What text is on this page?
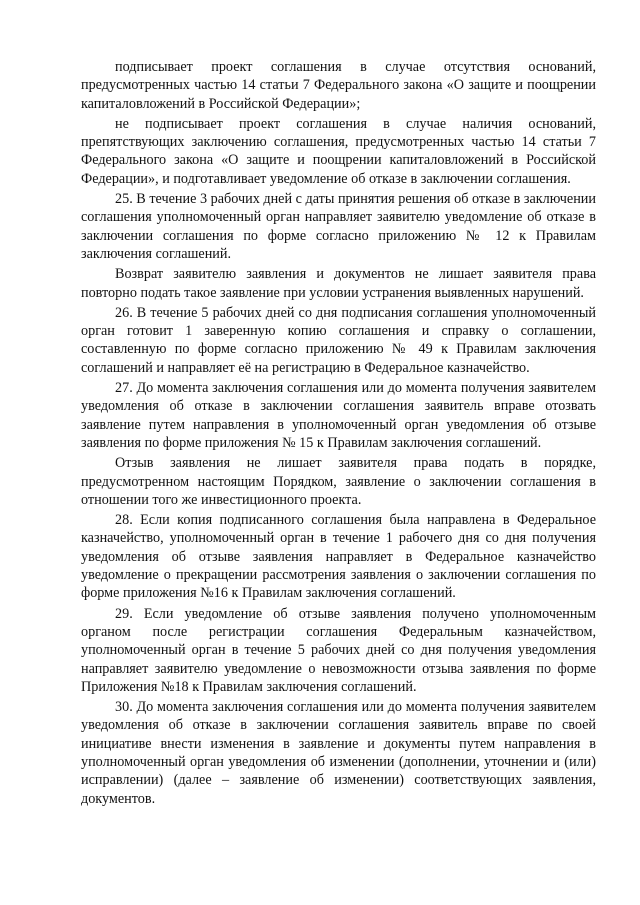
подписывает проект соглашения в случае отсутствия оснований, предусмотренных частью 14 статьи 7 Федерального закона «О защите и поощрении капиталовложений в Российской Федерации»;

не подписывает проект соглашения в случае наличия оснований, препятствующих заключению соглашения, предусмотренных частью 14 статьи 7 Федерального закона «О защите и поощрении капиталовложений в Российской Федерации», и подготавливает уведомление об отказе в заключении соглашения.

25. В течение 3 рабочих дней с даты принятия решения об отказе в заключении соглашения уполномоченный орган направляет заявителю уведомление об отказе в заключении соглашения по форме согласно приложению № 12 к Правилам заключения соглашений.

Возврат заявителю заявления и документов не лишает заявителя права повторно подать такое заявление при условии устранения выявленных нарушений.

26. В течение 5 рабочих дней со дня подписания соглашения уполномоченный орган готовит 1 заверенную копию соглашения и справку о соглашении, составленную по форме согласно приложению № 49 к Правилам заключения соглашений и направляет её на регистрацию в Федеральное казначейство.

27. До момента заключения соглашения или до момента получения заявителем уведомления об отказе в заключении соглашения заявитель вправе отозвать заявление путем направления в уполномоченный орган уведомления об отзыве заявления по форме приложения № 15 к Правилам заключения соглашений.

Отзыв заявления не лишает заявителя права подать в порядке, предусмотренном настоящим Порядком, заявление о заключении соглашения в отношении того же инвестиционного проекта.

28. Если копия подписанного соглашения была направлена в Федеральное казначейство, уполномоченный орган в течение 1 рабочего дня со дня получения уведомления об отзыве заявления направляет в Федеральное казначейство уведомление о прекращении рассмотрения заявления о заключении соглашения по форме приложения №16 к Правилам заключения соглашений.

29. Если уведомление об отзыве заявления получено уполномоченным органом после регистрации соглашения Федеральным казначейством, уполномоченный орган в течение 5 рабочих дней со дня получения уведомления направляет заявителю уведомление о невозможности отзыва заявления по форме Приложения №18 к Правилам заключения соглашений.

30. До момента заключения соглашения или до момента получения заявителем уведомления об отказе в заключении соглашения заявитель вправе по своей инициативе внести изменения в заявление и документы путем направления в уполномоченный орган уведомления об изменении (дополнении, уточнении и (или) исправлении) (далее – заявление об изменении) соответствующих заявления, документов.
